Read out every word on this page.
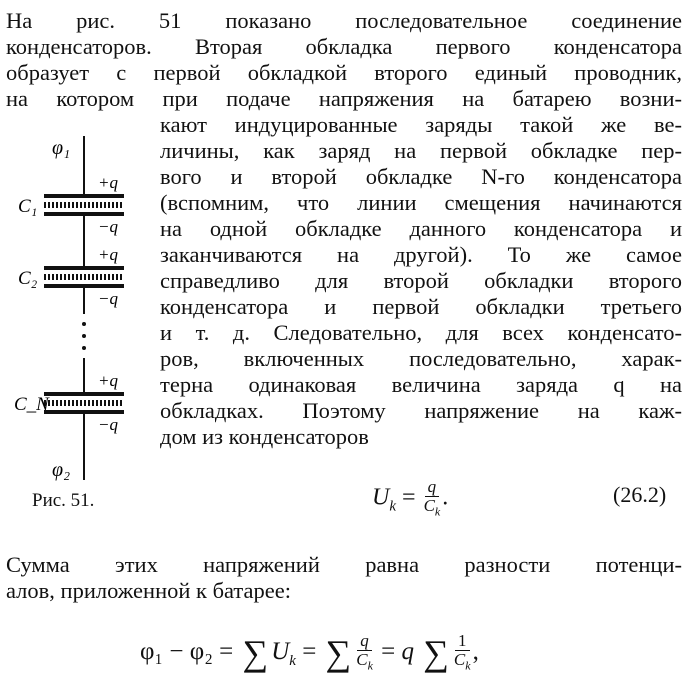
На рис. 51 показано последовательное соединение
конденсаторов. Вторая обкладка первого конденсатора
образует с первой обкладкой второго единый проводник,
на котором при подаче напряжения на батарею возни-
кают индуцированные заряды такой же ве-
личины, как заряд на первой обкладке пер-
вого и второй обкладке N-го конденсатора
(вспомним, что линии смещения начинаются
на одной обкладке данного конденсатора и
заканчиваются на другой). То же самое
справедливо для второй обкладки второго
конденсатора и первой обкладки третьего
и т. д. Следовательно, для всех конденсато-
ров, включенных последовательно, харак-
терна одинаковая величина заряда q на
обкладках. Поэтому напряжение на каж-
дом из конденсаторов
φ₁
φ₂
+q
C₁
−q
+q
C₂
−q
+q
C_N
−q
Рис. 51.	$U_k = \frac{q}{C_k}$ .	(26.2)
Сумма этих напряжений равна разности потенци-
алов, приложенной к батарее:
φ₁ − φ₂ = ∑ $U_k$ = ∑ $\frac{q}{C_k} = q$ ∑ $\frac{1}{C_k}$ ,
